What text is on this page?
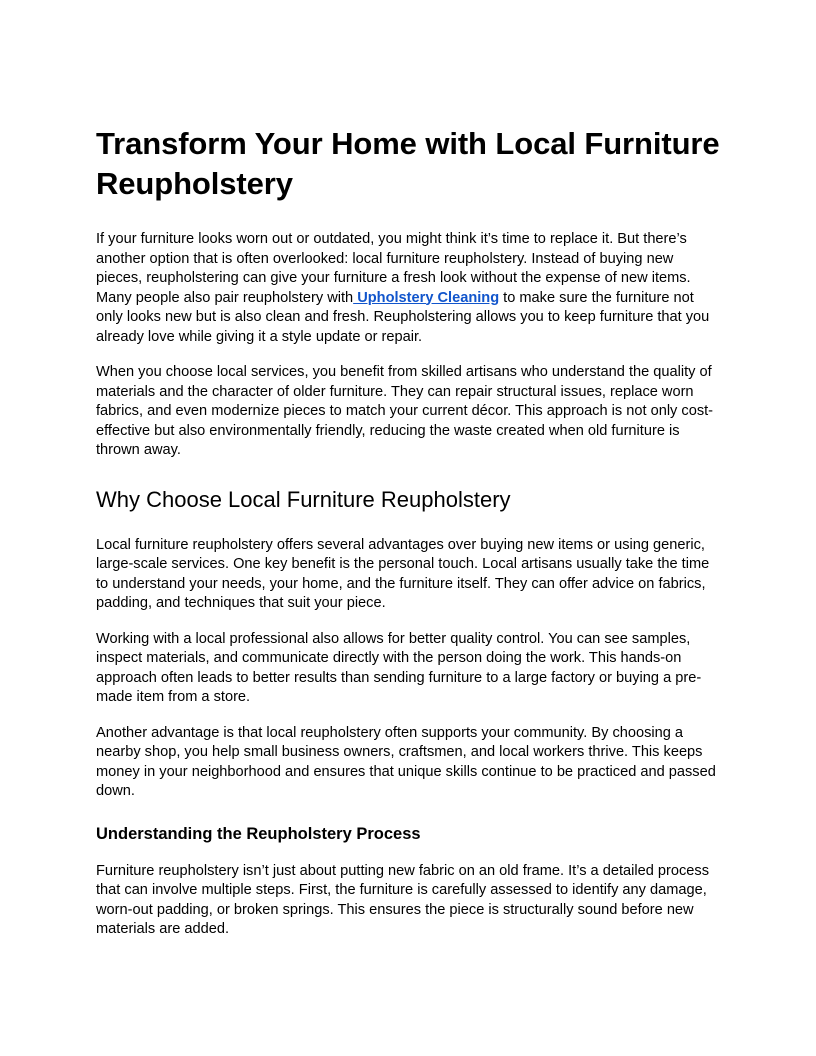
Transform Your Home with Local Furniture Reupholstery

If your furniture looks worn out or outdated, you might think it’s time to replace it. But there’s another option that is often overlooked: local furniture reupholstery. Instead of buying new pieces, reupholstering can give your furniture a fresh look without the expense of new items. Many people also pair reupholstery with Upholstery Cleaning to make sure the furniture not only looks new but is also clean and fresh. Reupholstering allows you to keep furniture that you already love while giving it a style update or repair.

When you choose local services, you benefit from skilled artisans who understand the quality of materials and the character of older furniture. They can repair structural issues, replace worn fabrics, and even modernize pieces to match your current décor. This approach is not only cost-effective but also environmentally friendly, reducing the waste created when old furniture is thrown away.

Why Choose Local Furniture Reupholstery

Local furniture reupholstery offers several advantages over buying new items or using generic, large-scale services. One key benefit is the personal touch. Local artisans usually take the time to understand your needs, your home, and the furniture itself. They can offer advice on fabrics, padding, and techniques that suit your piece.

Working with a local professional also allows for better quality control. You can see samples, inspect materials, and communicate directly with the person doing the work. This hands-on approach often leads to better results than sending furniture to a large factory or buying a pre-made item from a store.

Another advantage is that local reupholstery often supports your community. By choosing a nearby shop, you help small business owners, craftsmen, and local workers thrive. This keeps money in your neighborhood and ensures that unique skills continue to be practiced and passed down.

Understanding the Reupholstery Process

Furniture reupholstery isn’t just about putting new fabric on an old frame. It’s a detailed process that can involve multiple steps. First, the furniture is carefully assessed to identify any damage, worn-out padding, or broken springs. This ensures the piece is structurally sound before new materials are added.
